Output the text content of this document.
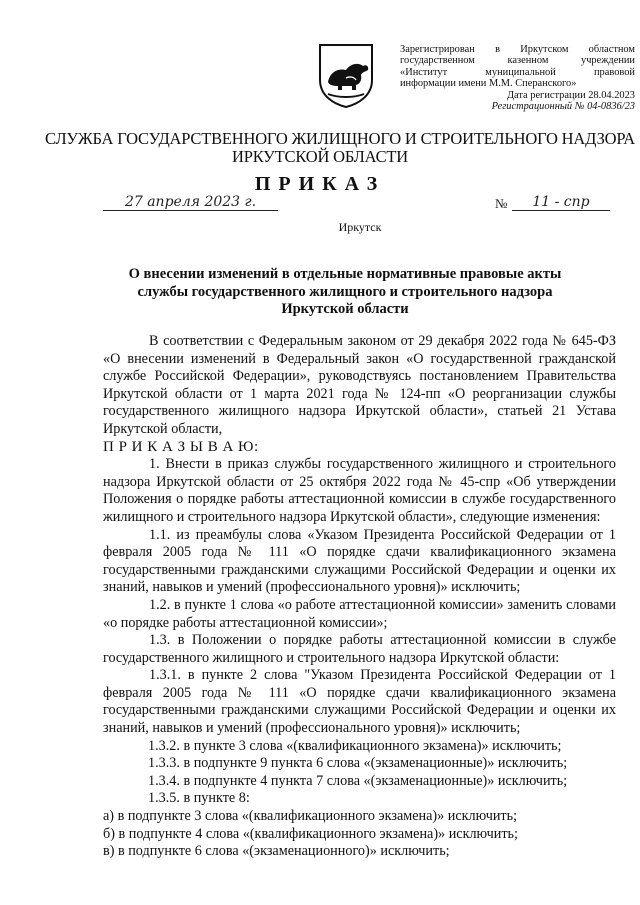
Зарегистрирован в Иркутском областном
государственном казенном учреждении
«Институт муниципальной правовой
информации имени М.М. Сперанского»
Дата регистрации 28.04.2023
Регистрационный № 04-0836/23
СЛУЖБА ГОСУДАРСТВЕННОГО ЖИЛИЩНОГО И СТРОИТЕЛЬНОГО НАДЗОРА
ИРКУТСКОЙ ОБЛАСТИ
ПРИКАЗ
27 апреля 2023 г.	№	11 - спр
Иркутск
О внесении изменений в отдельные нормативные правовые акты
службы государственного жилищного и строительного надзора
Иркутской области

В соответствии с Федеральным законом от 29 декабря 2022 года № 645-ФЗ «О внесении изменений в Федеральный закон «О государственной гражданской службе Российской Федерации», руководствуясь постановлением Правительства Иркутской области от 1 марта 2021 года № 124-пп «О реорганизации службы государственного жилищного надзора Иркутской области», статьей 21 Устава Иркутской области,

П Р И К А З Ы В А Ю:

1. Внести в приказ службы государственного жилищного и строительного надзора Иркутской области от 25 октября 2022 года № 45-спр «Об утверждении Положения о порядке работы аттестационной комиссии в службе государственного жилищного и строительного надзора Иркутской области», следующие изменения:

1.1. из преамбулы слова «Указом Президента Российской Федерации от 1 февраля 2005 года № 111 «О порядке сдачи квалификационного экзамена государственными гражданскими служащими Российской Федерации и оценки их знаний, навыков и умений (профессионального уровня)» исключить;

1.2. в пункте 1 слова «о работе аттестационной комиссии» заменить словами «о порядке работы аттестационной комиссии»;

1.3. в Положении о порядке работы аттестационной комиссии в службе государственного жилищного и строительного надзора Иркутской области:

1.3.1. в пункте 2 слова "Указом Президента Российской Федерации от 1 февраля 2005 года № 111 «О порядке сдачи квалификационного экзамена государственными гражданскими служащими Российской Федерации и оценки их знаний, навыков и умений (профессионального уровня)» исключить;

1.3.2. в пункте 3 слова «(квалификационного экзамена)» исключить;

1.3.3. в подпункте 9 пункта 6 слова «(экзаменационные)» исключить;

1.3.4. в подпункте 4 пункта 7 слова «(экзаменационные)» исключить;

1.3.5. в пункте 8:

а) в подпункте 3 слова «(квалификационного экзамена)» исключить;

б) в подпункте 4 слова «(квалификационного экзамена)» исключить;

в) в подпункте 6 слова «(экзаменационного)» исключить;
